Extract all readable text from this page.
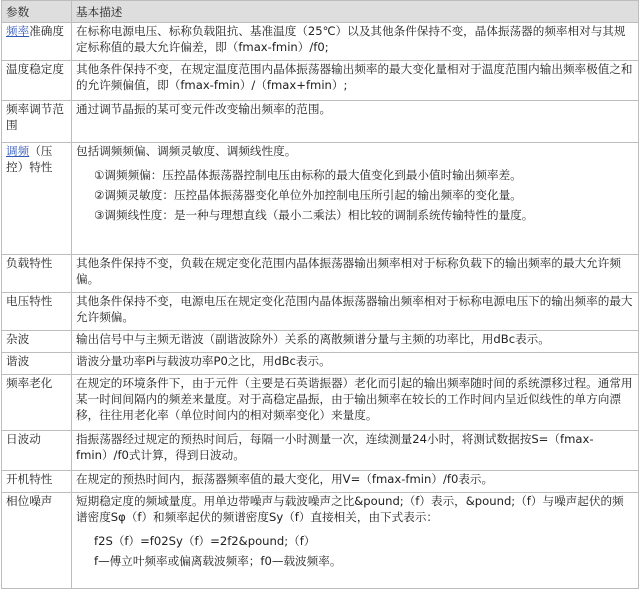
参数	基本描述
频率准确度	在标称电源电压、标称负载阻抗、基准温度（25℃）以及其他条件保持不变，晶体振荡器的频率相对与其规定标称值的最大允许偏差，即（fmax-fmin）/f0;
温度稳定度	其他条件保持不变，在规定温度范围内晶体振荡器输出频率的最大变化量相对于温度范围内输出频率极值之和的允许频偏值，即（fmax-fmin）/（fmax+fmin）;
频率调节范围	通过调节晶振的某可变元件改变输出频率的范围。
调频（压控）特性	包括调频频偏、调频灵敏度、调频线性度。
①调频频偏：压控晶体振荡器控制电压由标称的最大值变化到最小值时输出频率差。
②调频灵敏度：压控晶体振荡器变化单位外加控制电压所引起的输出频率的变化量。
③调频线性度：是一种与理想直线（最小二乘法）相比较的调制系统传输特性的量度。

负载特性	其他条件保持不变，负载在规定变化范围内晶体振荡器输出频率相对于标称负载下的输出频率的最大允许频偏。
电压特性	其他条件保持不变，电源电压在规定变化范围内晶体振荡器输出频率相对于标称电源电压下的输出频率的最大允许频偏。
杂波	输出信号中与主频无谐波（副谐波除外）关系的离散频谱分量与主频的功率比，用dBc表示。
谐波	谐波分量功率Pi与载波功率P0之比，用dBc表示。
频率老化	在规定的环境条件下，由于元件（主要是石英谐振器）老化而引起的输出频率随时间的系统漂移过程。通常用某一时间间隔内的频差来量度。对于高稳定晶振，由于输出频率在较长的工作时间内呈近似线性的单方向漂移，往往用老化率（单位时间内的相对频率变化）来量度。
日波动	指振荡器经过规定的预热时间后，每隔一小时测量一次，连续测量24小时，将测试数据按S=（fmax-fmin）/f0式计算，得到日波动。
开机特性	在规定的预热时间内，振荡器频率值的最大变化，用V=（fmax-fmin）/f0表示。
相位噪声	短期稳定度的频域量度。用单边带噪声与载波噪声之比&pound;（f）表示，&pound;（f）与噪声起伏的频谱密度Sφ（f）和频率起伏的频谱密度Sy（f）直接相关，由下式表示：
f2S（f）=f02Sy（f）=2f2&pound;（f）
f—傅立叶频率或偏离载波频率；f0—载波频率。
